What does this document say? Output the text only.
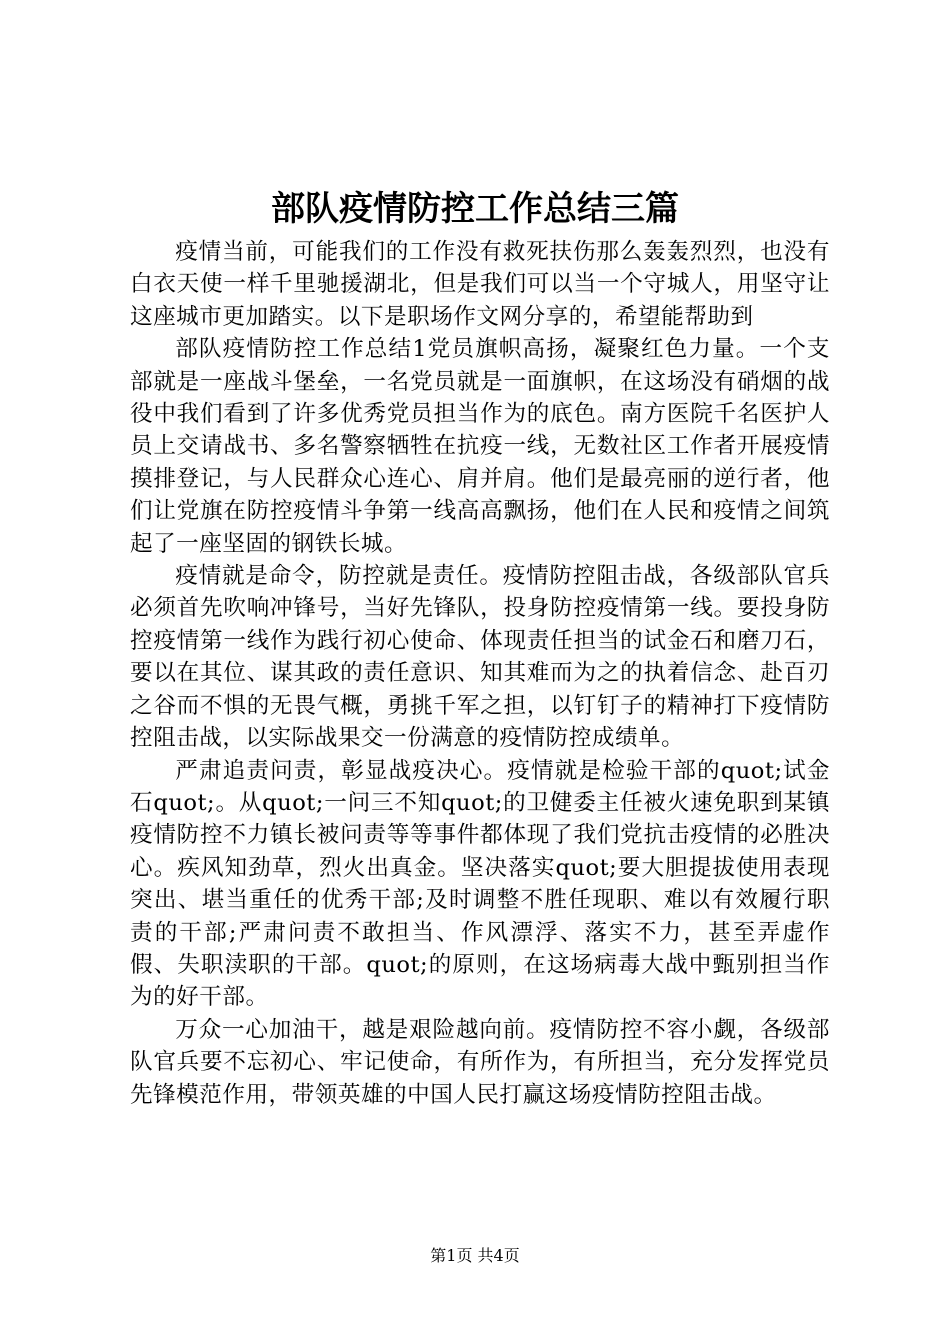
部队疫情防控工作总结三篇

疫情当前，可能我们的工作没有救死扶伤那么轰轰烈烈，也没有白衣天使一样千里驰援湖北，但是我们可以当一个守城人，用坚守让这座城市更加踏实。以下是职场作文网分享的，希望能帮助到

部队疫情防控工作总结1党员旗帜高扬，凝聚红色力量。一个支部就是一座战斗堡垒，一名党员就是一面旗帜，在这场没有硝烟的战役中我们看到了许多优秀党员担当作为的底色。南方医院千名医护人员上交请战书、多名警察牺牲在抗疫一线，无数社区工作者开展疫情摸排登记，与人民群众心连心、肩并肩。他们是最亮丽的逆行者，他们让党旗在防控疫情斗争第一线高高飘扬，他们在人民和疫情之间筑起了一座坚固的钢铁长城。

疫情就是命令，防控就是责任。疫情防控阻击战，各级部队官兵必须首先吹响冲锋号，当好先锋队，投身防控疫情第一线。要投身防控疫情第一线作为践行初心使命、体现责任担当的试金石和磨刀石，要以在其位、谋其政的责任意识、知其难而为之的执着信念、赴百刃之谷而不惧的无畏气概，勇挑千军之担，以钉钉子的精神打下疫情防控阻击战，以实际战果交一份满意的疫情防控成绩单。

严肃追责问责，彰显战疫决心。疫情就是检验干部的quot;试金石quot;。从quot;一问三不知quot;的卫健委主任被火速免职到某镇疫情防控不力镇长被问责等等事件都体现了我们党抗击疫情的必胜决心。疾风知劲草，烈火出真金。坚决落实quot;要大胆提拔使用表现突出、堪当重任的优秀干部;及时调整不胜任现职、难以有效履行职责的干部;严肃问责不敢担当、作风漂浮、落实不力，甚至弄虚作假、失职渎职的干部。quot;的原则，在这场病毒大战中甄别担当作为的好干部。

万众一心加油干，越是艰险越向前。疫情防控不容小觑，各级部队官兵要不忘初心、牢记使命，有所作为，有所担当，充分发挥党员先锋模范作用，带领英雄的中国人民打赢这场疫情防控阻击战。

第1页 共4页
